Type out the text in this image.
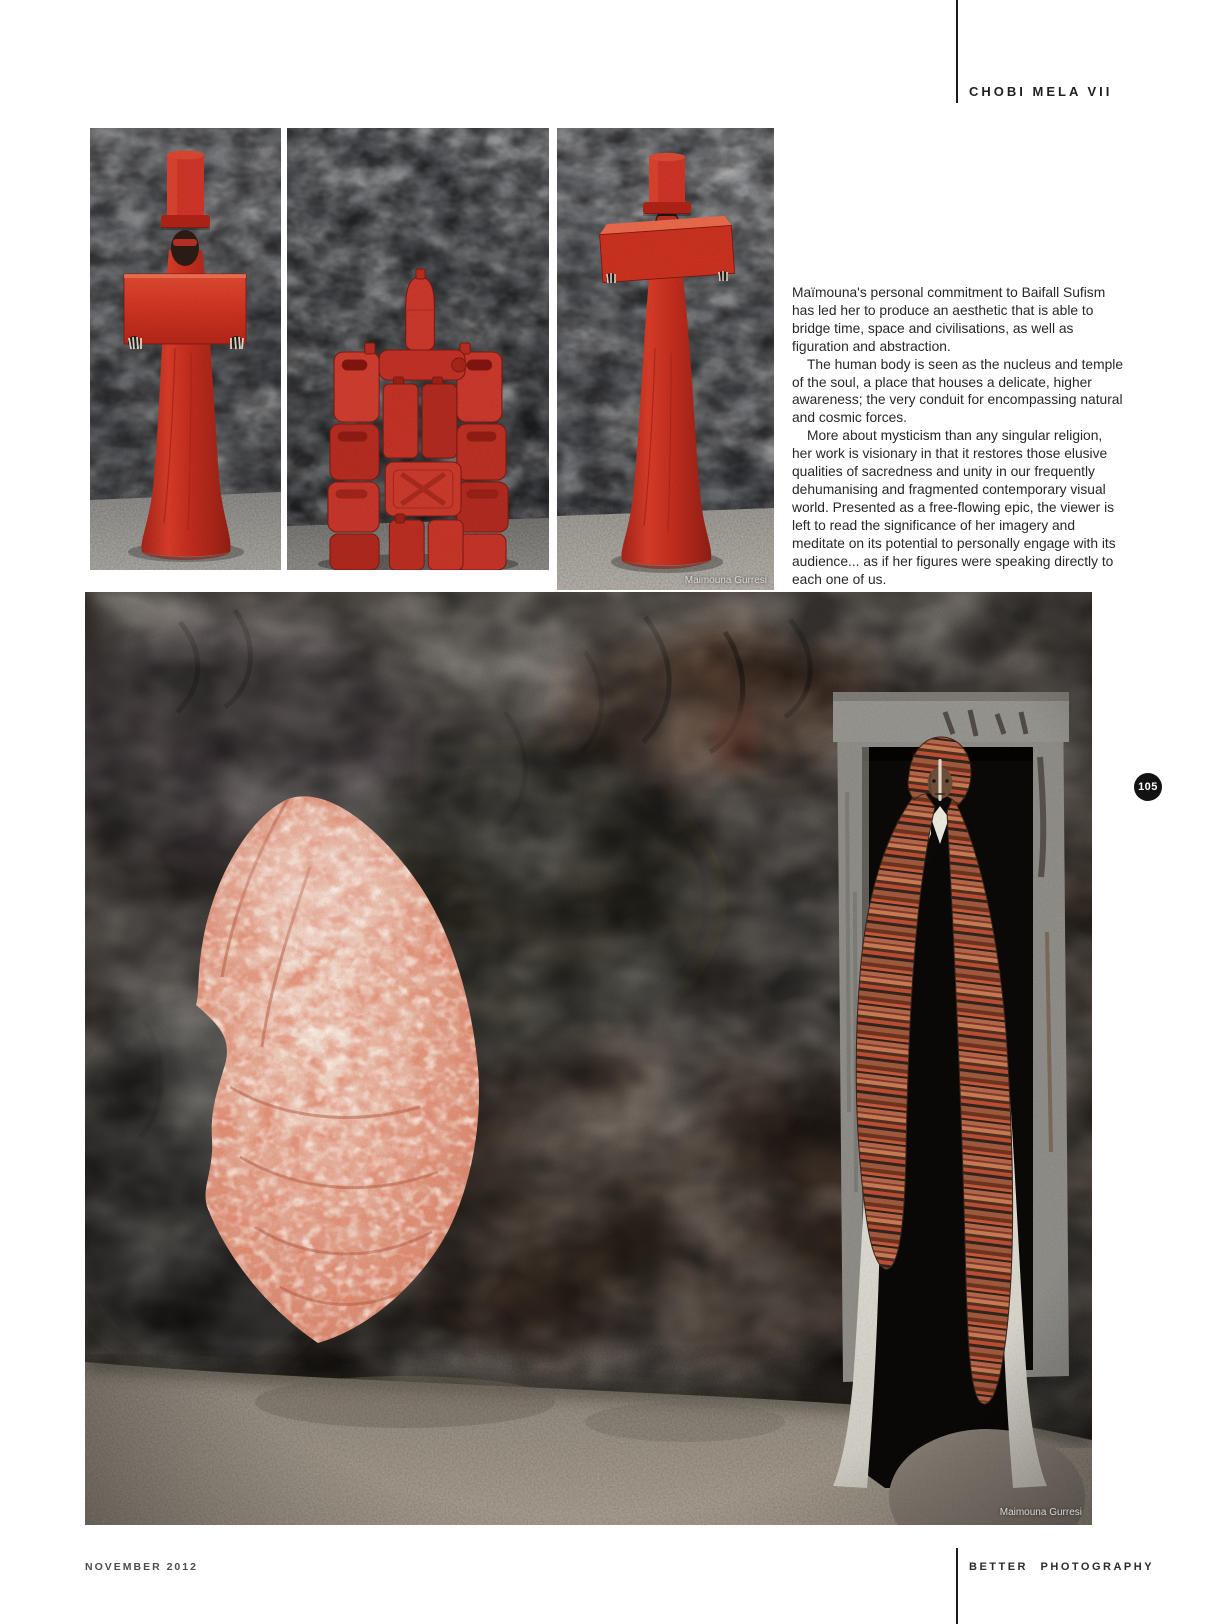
CHOBI MELA VII
Maimouna Gurresi

Maïmouna's personal commitment to Baifall Sufism has led her to produce an aesthetic that is able to bridge time, space and civilisations, as well as figuration and abstraction.

The human body is seen as the nucleus and temple of the soul, a place that houses a delicate, higher awareness; the very conduit for encompassing natural and cosmic forces.

More about mysticism than any singular religion, her work is visionary in that it restores those elusive qualities of sacredness and unity in our frequently dehumanising and fragmented contemporary visual world. Presented as a free-flowing epic, the viewer is left to read the significance of her imagery and meditate on its potential to personally engage with its audience... as if her figures were speaking directly to each one of us.

Maimouna Gurresi
105
NOVEMBER 2012	BETTER PHOTOGRAPHY
